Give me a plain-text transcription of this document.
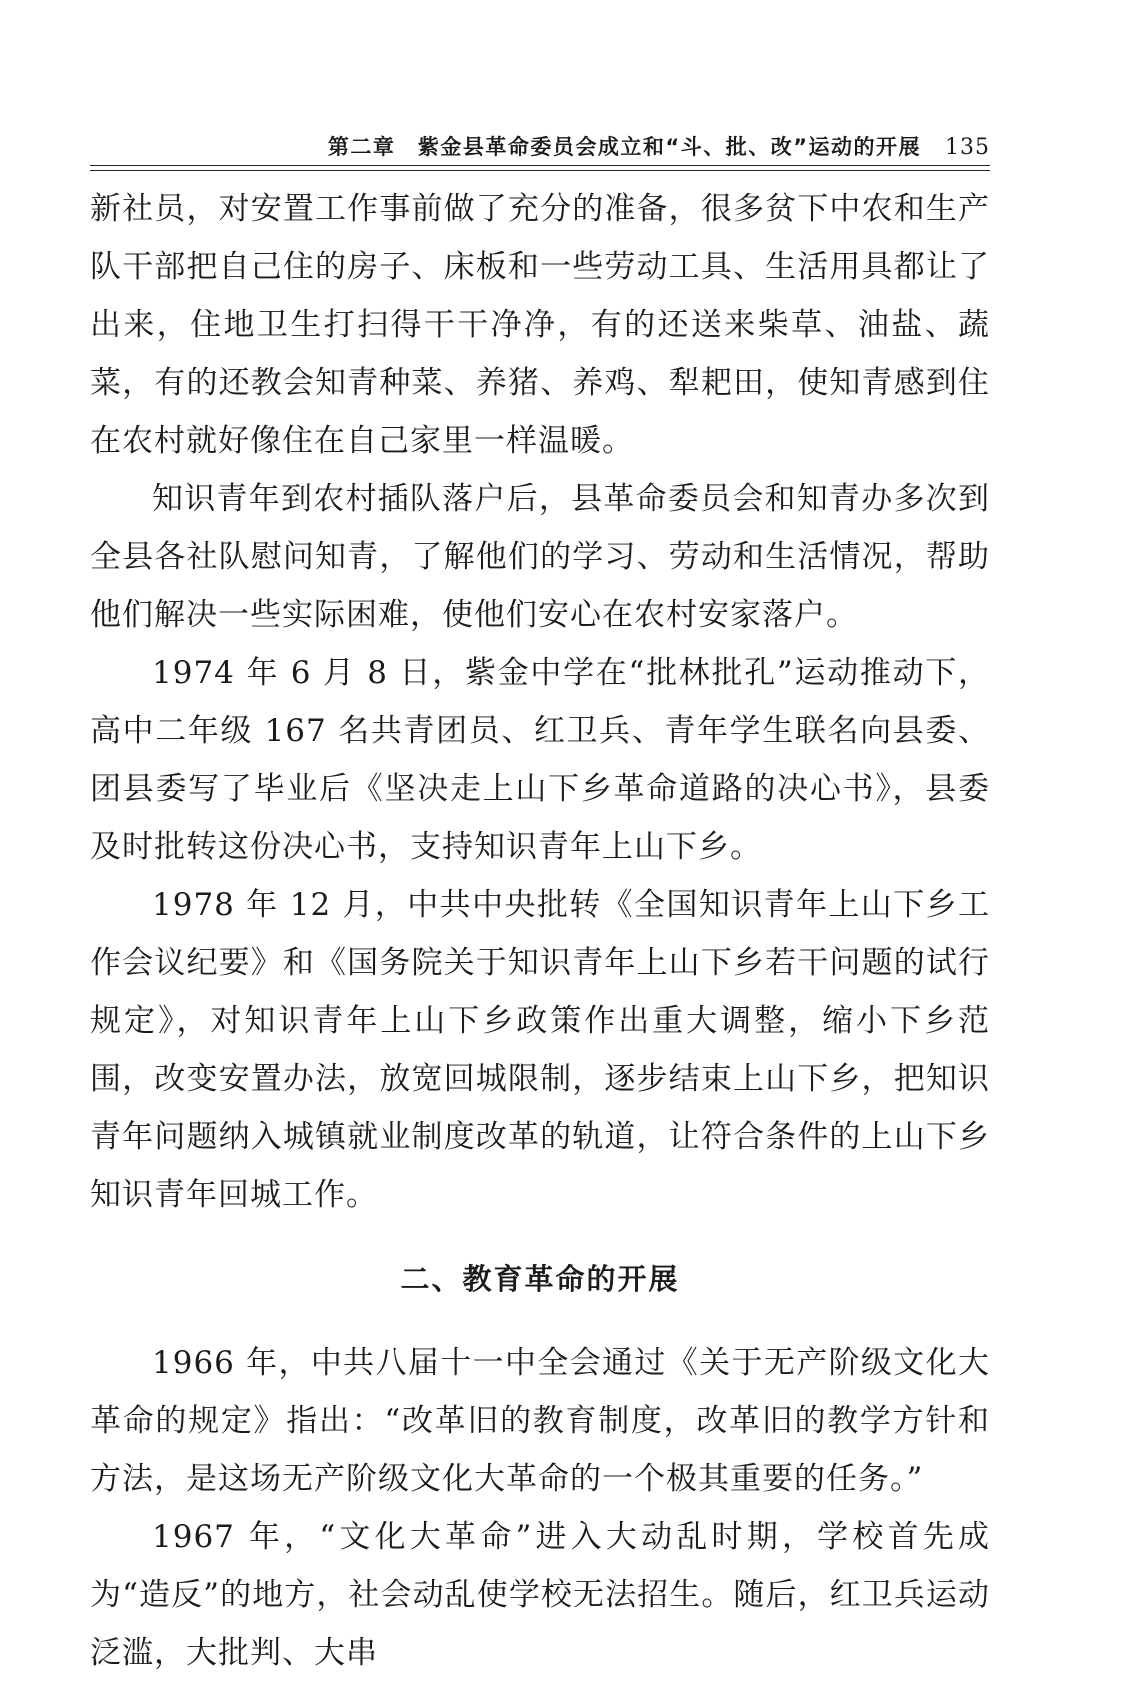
第二章　紫金县革命委员会成立和“斗、批、改”运动的开展 135

新社员，对安置工作事前做了充分的准备，很多贫下中农和生产队干部把自己住的房子、床板和一些劳动工具、生活用具都让了出来，住地卫生打扫得干干净净，有的还送来柴草、油盐、蔬菜，有的还教会知青种菜、养猪、养鸡、犁耙田，使知青感到住在农村就好像住在自己家里一样温暖。

知识青年到农村插队落户后，县革命委员会和知青办多次到全县各社队慰问知青，了解他们的学习、劳动和生活情况，帮助他们解决一些实际困难，使他们安心在农村安家落户。

1974 年 6 月 8 日，紫金中学在“批林批孔”运动推动下，高中二年级 167 名共青团员、红卫兵、青年学生联名向县委、团县委写了毕业后《坚决走上山下乡革命道路的决心书》，县委及时批转这份决心书，支持知识青年上山下乡。

1978 年 12 月，中共中央批转《全国知识青年上山下乡工作会议纪要》和《国务院关于知识青年上山下乡若干问题的试行规定》，对知识青年上山下乡政策作出重大调整，缩小下乡范围，改变安置办法，放宽回城限制，逐步结束上山下乡，把知识青年问题纳入城镇就业制度改革的轨道，让符合条件的上山下乡知识青年回城工作。

二、教育革命的开展

1966 年，中共八届十一中全会通过《关于无产阶级文化大革命的规定》指出：“改革旧的教育制度，改革旧的教学方针和方法，是这场无产阶级文化大革命的一个极其重要的任务。”

1967 年，“文化大革命”进入大动乱时期，学校首先成为“造反”的地方，社会动乱使学校无法招生。随后，红卫兵运动泛滥，大批判、大串
